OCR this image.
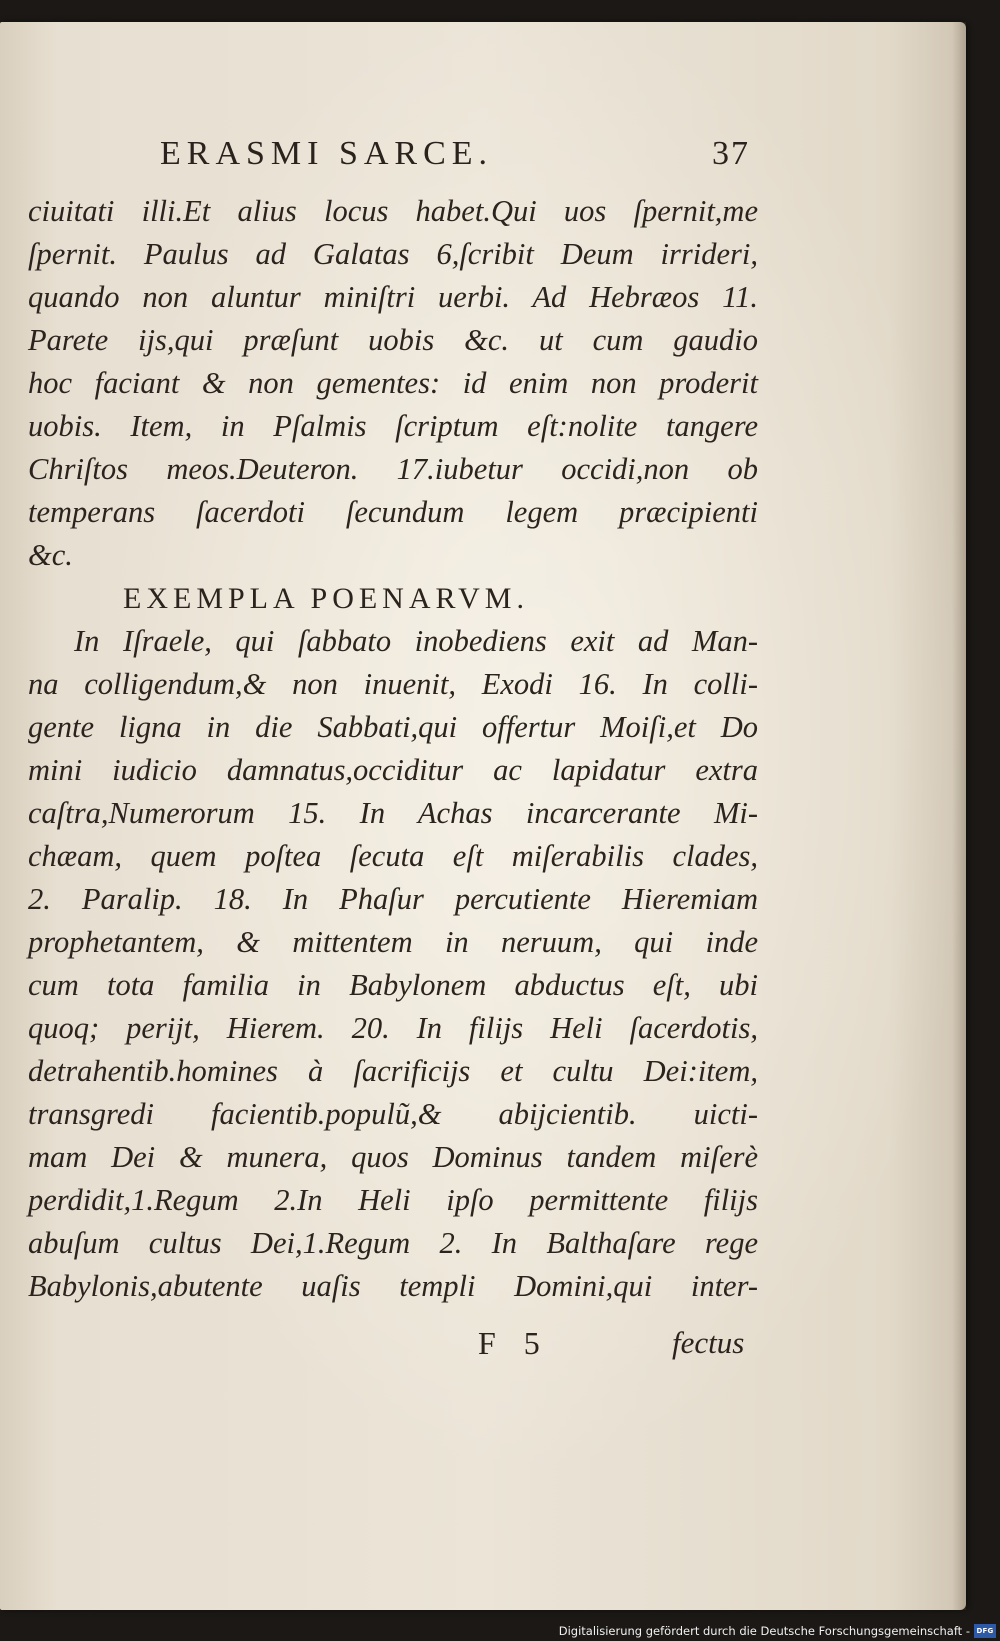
ERASMI SARCE.	37
ciuitati illi.Et alius locus habet.Qui uos ſpernit,me
ſpernit. Paulus ad Galatas 6,ſcribit Deum irrideri,
quando non aluntur miniſtri uerbi. Ad Hebræos 11.
Parete ijs,qui præſunt uobis &c. ut cum gaudio
hoc faciant & non gementes: id enim non proderit
uobis. Item, in Pſalmis ſcriptum eſt:nolite tangere
Chriſtos meos.Deuteron. 17.iubetur occidi,non ob
temperans ſacerdoti ſecundum legem præcipienti
&c.
EXEMPLA POENARVM.
In Iſraele, qui ſabbato inobediens exit ad Man-
na colligendum,& non inuenit, Exodi 16. In colli-
gente ligna in die Sabbati,qui offertur Moiſi,et Do
mini iudicio damnatus,occiditur ac lapidatur extra
caſtra,Numerorum 15. In Achas incarcerante Mi-
chæam, quem poſtea ſecuta eſt miſerabilis clades,
2. Paralip. 18. In Phaſur percutiente Hieremiam
prophetantem, & mittentem in neruum, qui inde
cum tota familia in Babylonem abductus eſt, ubi
quoq; perijt, Hierem. 20. In filijs Heli ſacerdotis,
detrahentib.homines à ſacrificijs et cultu Dei:item,
transgredi facientib.populũ,& abijcientib. uicti-
mam Dei & munera, quos Dominus tandem miſerè
perdidit,1.Regum 2.In Heli ipſo permittente filijs
abuſum cultus Dei,1.Regum 2. In Balthaſare rege
Babylonis,abutente uaſis templi Domini,qui inter-
F 5	fectus
Digitalisierung gefördert durch die Deutsche Forschungsgemeinschaft - DFG
